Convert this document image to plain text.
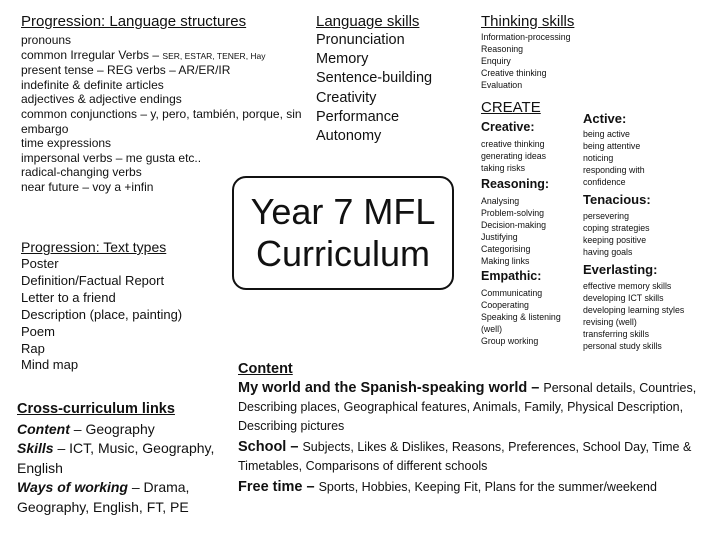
Progression: Language structures
pronouns
common Irregular Verbs – SER, ESTAR, TENER, Hay
present tense – REG verbs – AR/ER/IR
indefinite & definite articles
adjectives & adjective endings
common conjunctions – y, pero, también, porque, sin
embargo
time expressions
impersonal verbs – me gusta etc..
radical-changing verbs
near future – voy a +infin
Language skills
Pronunciation
Memory
Sentence-building
Creativity
Performance
Autonomy
Thinking skills
Information-processing
Reasoning
Enquiry
Creative thinking
Evaluation
CREATE
Creative:
creative thinking
generating ideas
taking risks
Reasoning:
Analysing
Problem-solving
Decision-making
Justifying
Categorising
Making links
Empathic:
Communicating
Cooperating
Speaking & listening
(well)
Group working
Active:
being active
being attentive
noticing
responding with
confidence
Tenacious:
persevering
coping strategies
keeping positive
having goals
Everlasting:
effective memory skills
developing ICT skills
developing learning styles
revising (well)
transferring skills
personal study skills
Year 7 MFL
Curriculum
Progression: Text types
Poster
Definition/Factual Report
Letter to a friend
Description (place, painting)
Poem
Rap
Mind map
Cross-curriculum links
Content – Geography
Skills – ICT, Music, Geography, English
Ways of working – Drama, Geography, English, FT, PE
Content
My world and the Spanish-speaking world – Personal details, Countries, Describing places, Geographical features, Animals, Family, Physical Description, Describing pictures
School – Subjects, Likes & Dislikes, Reasons, Preferences, School Day, Time & Timetables, Comparisons of different schools
Free time – Sports, Hobbies, Keeping Fit, Plans for the summer/weekend
